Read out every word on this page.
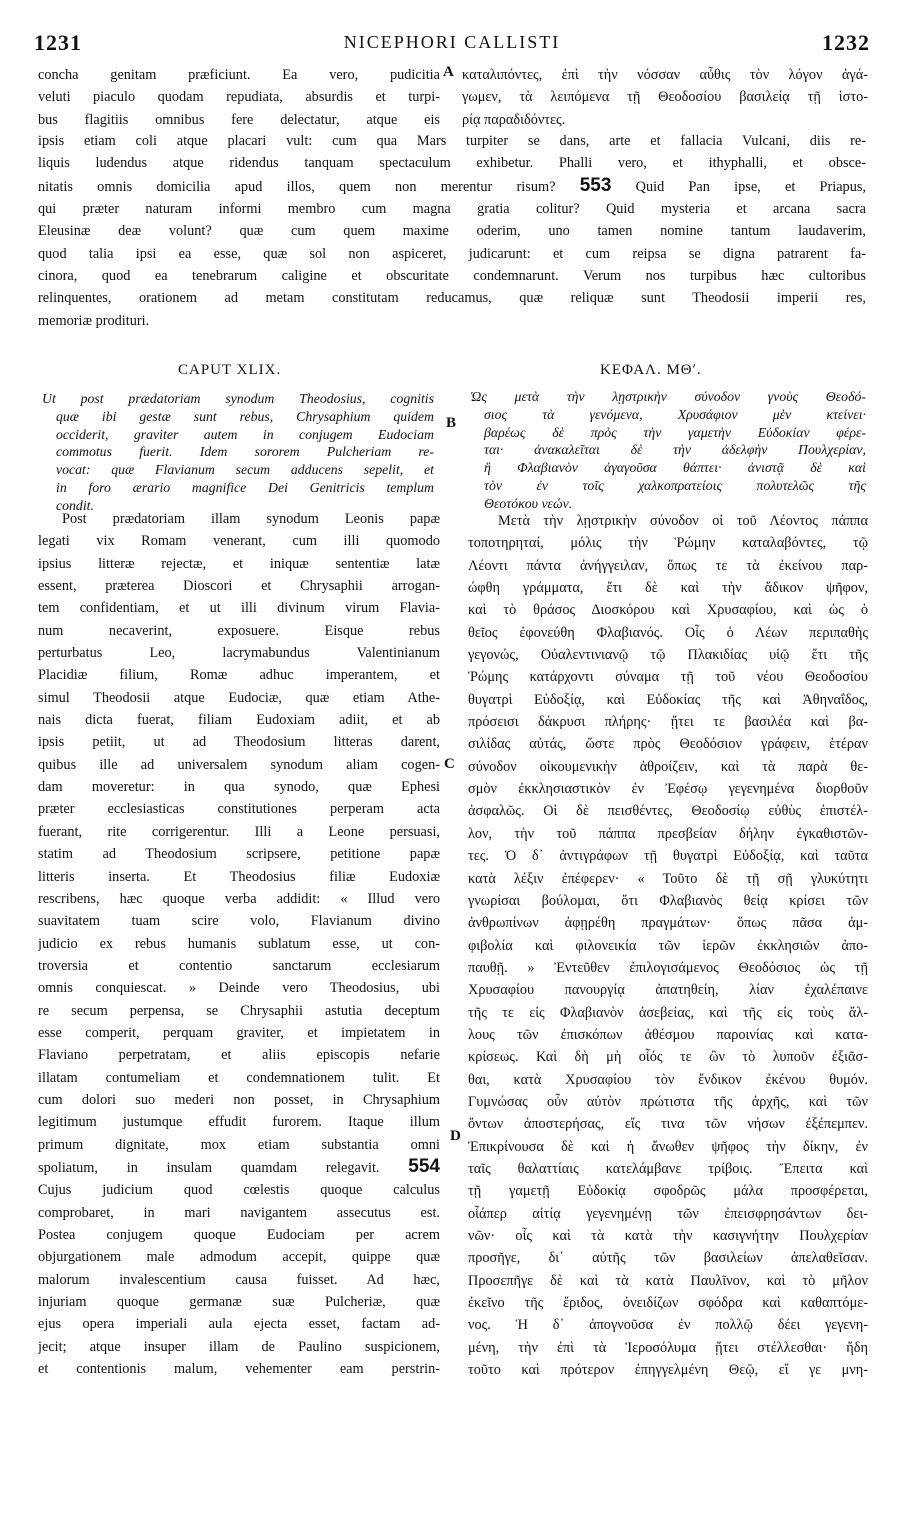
1231	NICEPHORI CALLISTI	1232
A
B
C
D
concha genitam præficiunt. Ea vero, pudicitia
veluti piaculo quodam repudiata, absurdis et turpi-
bus flagitiis omnibus fere delectatur, atque eis
καταλιπόντες, ἐπὶ τὴν νόσσαν αὖθις τὸν λόγον ἀγά-
γωμεν, τὰ λειπόμενα τῇ Θεοδοσίου βασιλείᾳ τῇ ἱστο-
ρίᾳ παραδιδόντες.
ipsis etiam coli atque placari vult: cum qua Mars turpiter se dans, arte et fallacia Vulcani, diis re-
liquis ludendus atque ridendus tanquam spectaculum exhibetur. Phalli vero, et ithyphalli, et obsce-
nitatis omnis domicilia apud illos, quem non merentur risum? 553 Quid Pan ipse, et Priapus,
qui præter naturam informi membro cum magna gratia colitur? Quid mysteria et arcana sacra
Eleusinæ deæ volunt? quæ cum quem maxime oderim, uno tamen nomine tantum laudaverim,
quod talia ipsi ea esse, quæ sol non aspiceret, judicarunt: et cum reipsa se digna patrarent fa-
cinora, quod ea tenebrarum caligine et obscuritate condemnarunt. Verum nos turpibus hæc cultoribus
relinquentes, orationem ad metam constitutam reducamus, quæ reliquæ sunt Theodosii imperii res,
memoriæ proditurі.
CAPUT XLIX.	ΚΕΦΑΛ. ΜΘʹ.
Ut post prædatoriam synodum Theodosius, cognitis
quæ ibi gestæ sunt rebus, Chrysaphium quidem
occiderit, graviter autem in conjugem Eudociam
commotus fuerit. Idem sororem Pulcheriam re-
vocat: quæ Flavianum secum adducens sepelit, et
in foro ærario magnifice Dei Genitricis templum
condit.
Ὡς μετὰ τὴν λῃστρικὴν σύνοδον γνοὺς Θεοδό-
σιος τὰ γενόμενα, Χρυσάφιον μὲν κτείνει·
βαρέως δὲ πρὸς τὴν γαμετὴν Εὐδοκίαν φέρε-
ται· ἀνακαλεῖται δὲ τὴν ἀδελφὴν Πουλχερίαν,
ἣ Φλαβιανὸν ἀγαγοῦσα θάπτει· ἀνιστᾷ δὲ καὶ
τὸν ἐν τοῖς χαλκοπρατείοις πολυτελῶς τῆς
Θεοτόκου νεών.
Post prædatoriam illam synodum Leonis papæ
legati vix Romam venerant, cum illi quomodo
ipsius litteræ rejectæ, et iniquæ sententiæ latæ
essent, præterea Dioscori et Chrysaphii arrogan-
tem confidentiam, et ut illi divinum virum Flavia-
num necaverint, exposuere. Eisque rebus
perturbatus Leo, lacrymabundus Valentinianum
Placidiæ filium, Romæ adhuc imperantem, et
simul Theodosii atque Eudociæ, quæ etiam Athe-
nais dicta fuerat, filiam Eudoxiam adiit, et ab
ipsis petiit, ut ad Theodosium litteras darent,
quibus ille ad universalem synodum aliam cogen-
dam moveretur: in qua synodo, quæ Ephesi
præter ecclesiasticas constitutiones perperam acta
fuerant, rite corrigerentur. Illi a Leone persuasi,
statim ad Theodosium scripsere, petitione papæ
litteris inserta. Et Theodosius filiæ Eudoxiæ
rescribens, hæc quoque verba addidit: « Illud vero
suavitatem tuam scire volo, Flavianum divino
judicio ex rebus humanis sublatum esse, ut con-
troversia et contentio sanctarum ecclesiarum
omnis conquiescat. » Deinde vero Theodosius, ubi
re secum perpensa, se Chrysaphii astutia deceptum
esse comperit, perquam graviter, et impietatem in
Flaviano perpetratam, et aliis episcopis nefarie
illatam contumeliam et condemnationem tulit. Et
cum dolori suo mederi non posset, in Chrysaphium
legitimum justumque effudit furorem. Itaque illum
primum dignitate, mox etiam substantia omni
spoliatum, in insulam quamdam relegavit. 554
Cujus judicium quod cœlestis quoque calculus
comprobaret, in mari navigantem assecutus est.
Postea conjugem quoque Eudociam per acrem
objurgationem male admodum accepit, quippe quæ
malorum invalescentium causa fuisset. Ad hæc,
injuriam quoque germanæ suæ Pulcheriæ, quæ
ejus opera imperiali aula ejecta esset, factam ad-
jecit; atque insuper illam de Paulino suspicionem,
et contentionis malum, vehementer eam perstrin-
Μετὰ τὴν λῃστρικὴν σύνοδον οἱ τοῦ Λέοντος πάππα
τοποτηρηταί, μόλις τὴν Ῥώμην καταλαβόντες, τῷ
Λέοντι πάντα ἀνήγγειλαν, ὅπως τε τὰ ἐκείνου παρ-
ώφθη γράμματα, ἔτι δὲ καὶ τὴν ἄδικον ψῆφον,
καὶ τὸ θράσος Διοσκόρου καὶ Χρυσαφίου, καὶ ὡς ὁ
θεῖος ἐφονεύθη Φλαβιανός. Οἷς ὁ Λέων περιπαθὴς
γεγονώς, Οὐαλεντινιανῷ τῷ Πλακιδίας υἱῷ ἔτι τῆς
Ῥώμης κατάρχοντι σύναμα τῇ τοῦ νέου Θεοδοσίου
θυγατρὶ Εὐδοξίᾳ, καὶ Εὐδοκίας τῆς καὶ Ἀθηναΐδος,
πρόσεισι δάκρυσι πλήρης· ᾔτει τε βασιλέα καὶ βα-
σιλίδας αὐτάς, ὥστε πρὸς Θεοδόσιον γράφειν, ἑτέραν
σύνοδον οἰκουμενικὴν ἀθροίζειν, καὶ τὰ παρὰ θε-
σμὸν ἐκκλησιαστικὸν ἐν Ἐφέσῳ γεγενημένα διορθοῦν
ἀσφαλῶς. Οἱ δὲ πεισθέντες, Θεοδοσίῳ εὐθὺς ἐπιστέλ-
λον, τὴν τοῦ πάππα πρεσβείαν δήλην ἐγκαθιστῶν-
τες. Ὁ δ᾽ ἀντιγράφων τῇ θυγατρὶ Εὐδοξίᾳ, καὶ ταῦτα
κατὰ λέξιν ἐπέφερεν· « Τοῦτο δὲ τῇ σῇ γλυκύτητι
γνωρίσαι βούλομαι, ὅτι Φλαβιανὸς θείᾳ κρίσει τῶν
ἀνθρωπίνων ἀφῃρέθη πραγμάτων· ὅπως πᾶσα ἀμ-
φιβολία καὶ φιλονεικία τῶν ἱερῶν ἐκκλησιῶν ἀπο-
παυθῇ. » Ἐντεῦθεν ἐπιλογισάμενος Θεοδόσιος ὡς τῇ
Χρυσαφίου πανουργίᾳ ἀπατηθείη, λίαν ἐχαλέπαινε
τῆς τε εἰς Φλαβιανὸν ἀσεβείας, καὶ τῆς εἰς τοὺς ἄλ-
λους τῶν ἐπισκόπων ἀθέσμου παροινίας καὶ κατα-
κρίσεως. Καὶ δὴ μὴ οἷός τε ὢν τὸ λυποῦν ἐξιᾶσ-
θαι, κατὰ Χρυσαφίου τὸν ἔνδικον ἐκένου θυμόν.
Γυμνώσας οὖν αὐτὸν πρώτιστα τῆς ἀρχῆς, καὶ τῶν
ὄντων ἀποστερήσας, εἴς τινα τῶν νήσων ἐξέπεμπεν.
Ἐπικρίνουσα δὲ καὶ ἡ ἄνωθεν ψῆφος τὴν δίκην, ἐν
ταῖς θαλαττίαις κατελάμβανε τρίβοις. Ἔπειτα καὶ
τῇ γαμετῇ Εὐδοκίᾳ σφοδρῶς μάλα προσφέρεται,
οἷάπερ αἰτίᾳ γεγενημένῃ τῶν ἐπεισφρησάντων δει-
νῶν· οἷς καὶ τὰ κατὰ τὴν κασιγνήτην Πουλχερίαν
προσῆγε, δι᾽ αὐτῆς τῶν βασιλείων ἀπελαθεῖσαν.
Προσεπῆγε δὲ καὶ τὰ κατὰ Παυλῖνον, καὶ τὸ μῆλον
ἐκεῖνο τῆς ἔριδος, ὀνειδίζων σφόδρα καὶ καθαπτόμε-
νος. Ἡ δ᾽ ἀπογνοῦσα ἐν πολλῷ δέει γεγενη-
μένη, τὴν ἐπὶ τὰ Ἱεροσόλυμα ᾔτει στέλλεσθαι· ἤδη
τοῦτο καὶ πρότερον ἐπηγγελμένη Θεῷ, εἴ γε μνη-
